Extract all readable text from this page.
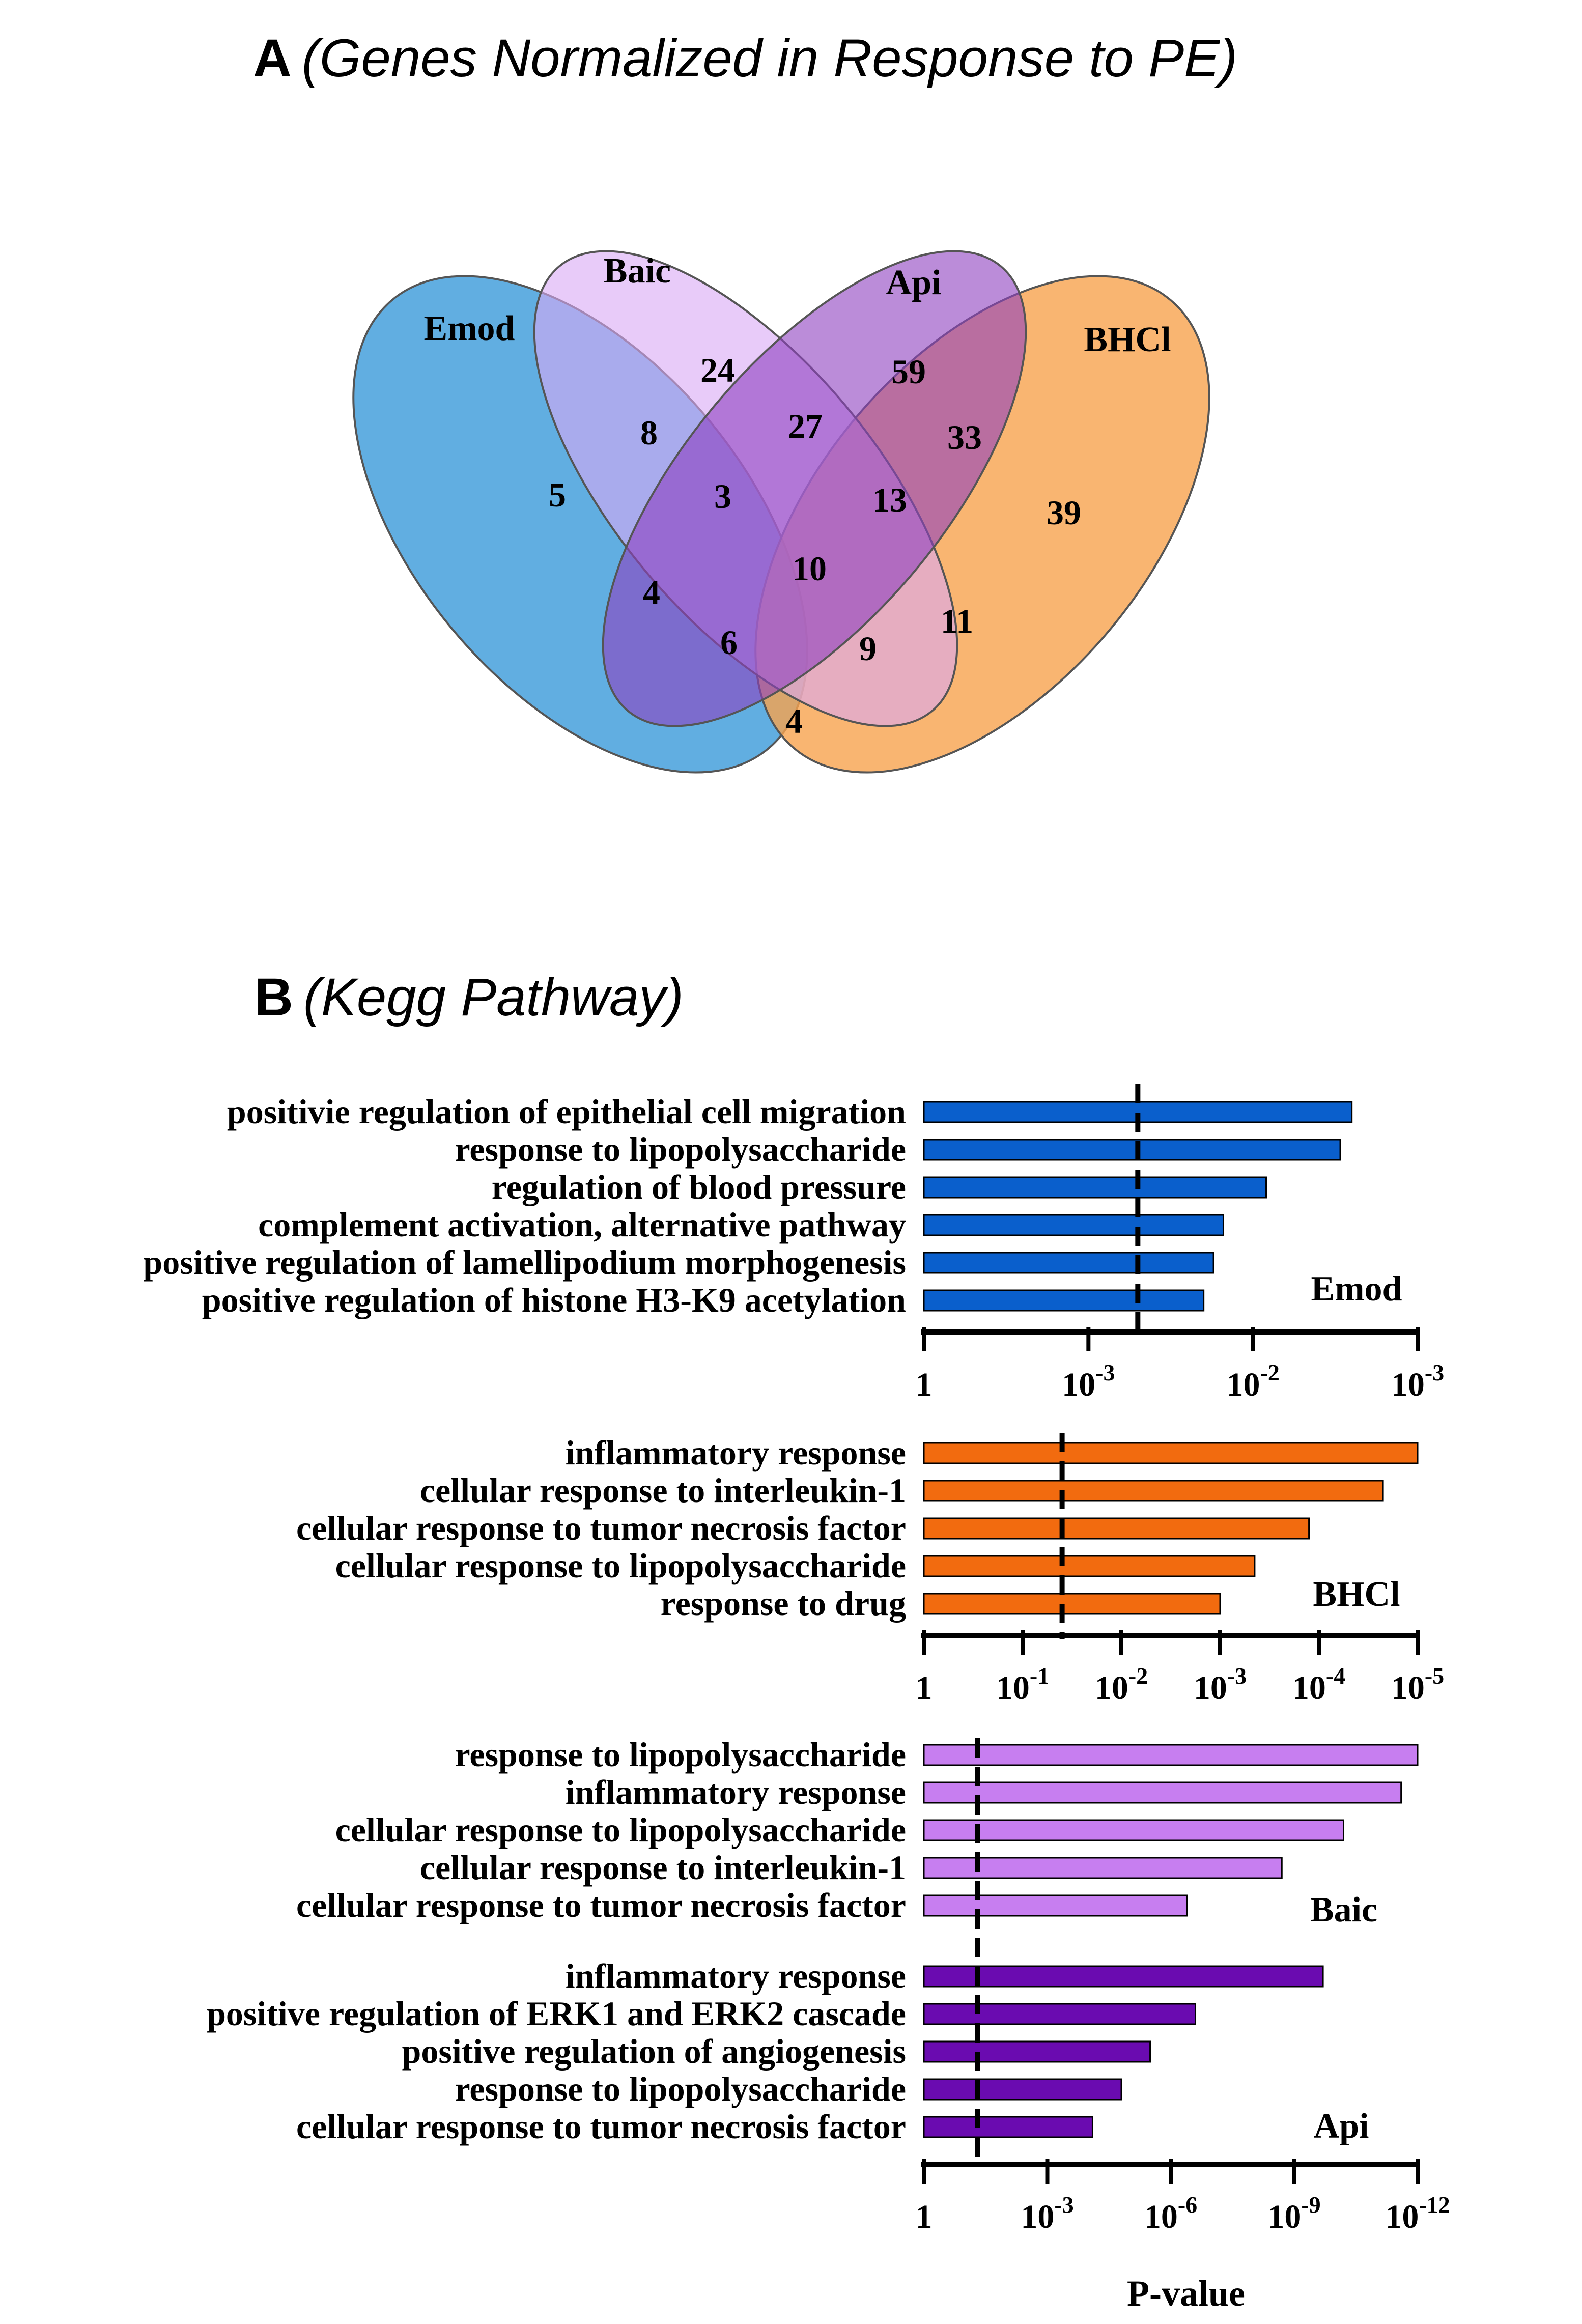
A (Genes Normalized in Response to PE)
Emod
Baic	Api
BHCl
5
24	59
39
8	27	33
3	13
10
4
6	9
11
4
B (Kegg Pathway)
positivie regulation of epithelial cell migration
response to lipopolysaccharide
regulation of blood pressure
complement activation, alternative pathway
positive regulation of lamellipodium morphogenesis
positive regulation of histone H3-K9 acetylation	Emod
inflammatory response
cellular response to interleukin-1
cellular response to tumor necrosis factor
cellular response to lipopolysaccharide
response to drug	BHCl
response to lipopolysaccharide
inflammatory response
cellular response to lipopolysaccharide
cellular response to interleukin-1
cellular response to tumor necrosis factor	Baic
inflammatory response
positive regulation of ERK1 and ERK2 cascade
positive regulation of angiogenesis
response to lipopolysaccharide
cellular response to tumor necrosis factor	Api
1	$10^{-3}$	$10^{-2}$	$10^{-3}$
1 $10^{-1}$ $10^{-2}$ $10^{-3}$ $10^{-4}$ $10^{-5}$
1	$10^{-3}$ $10^{-6}$ $10^{-9}$ $10^{-12}$
P-value
